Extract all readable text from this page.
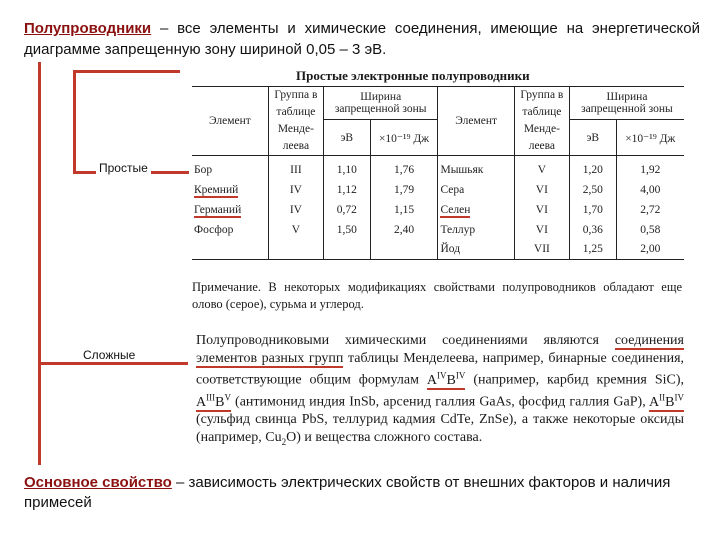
Полупроводники – все элементы и химические соединения, имеющие на энергетической диаграмме запрещенную зону шириной 0,05 – 3 эВ.
Простые
Сложные
Простые электронные полупроводники
Элемент	Группа в
таблице
Менде-
леева	Ширина
запрещенной зоны		Элемент	Группа в
таблице
Менде-
леева	Ширина
запрещенной зоны	
		эВ	×10⁻¹⁹ Дж			эВ	×10⁻¹⁹ Дж

Бор	III	1,10	1,76	Мышьяк	V	1,20	1,92
Кремний	IV	1,12	1,79	Сера	VI	2,50	4,00
Германий	IV	0,72	1,15	Селен	VI	1,70	2,72
Фосфор	V	1,50	2,40	Теллур	VI	0,36	0,58
				Йод	VII	1,25	2,00
Примечание. В некоторых модификациях свойствами полупроводников обладают еще олово (серое), сурьма и углерод.
Полупроводниковыми химическими соединениями являются соединения элементов разных групп таблицы Менделеева, например, бинарные соединения, соответствующие общим формулам $A^{IV}B^{IV}$ (например, карбид кремния SiC), $A^{III}B^V$ (антимонид индия InSb, арсенид галлия GaAs, фосфид галлия GaP), $A^{II}B^{IV}$ (сульфид свинца PbS, теллурид кадмия CdTe, ZnSe), а также некоторые оксиды (например, $Cu_2O$) и вещества сложного состава.
Основное свойство – зависимость электрических свойств от внешних факторов и наличия примесей
